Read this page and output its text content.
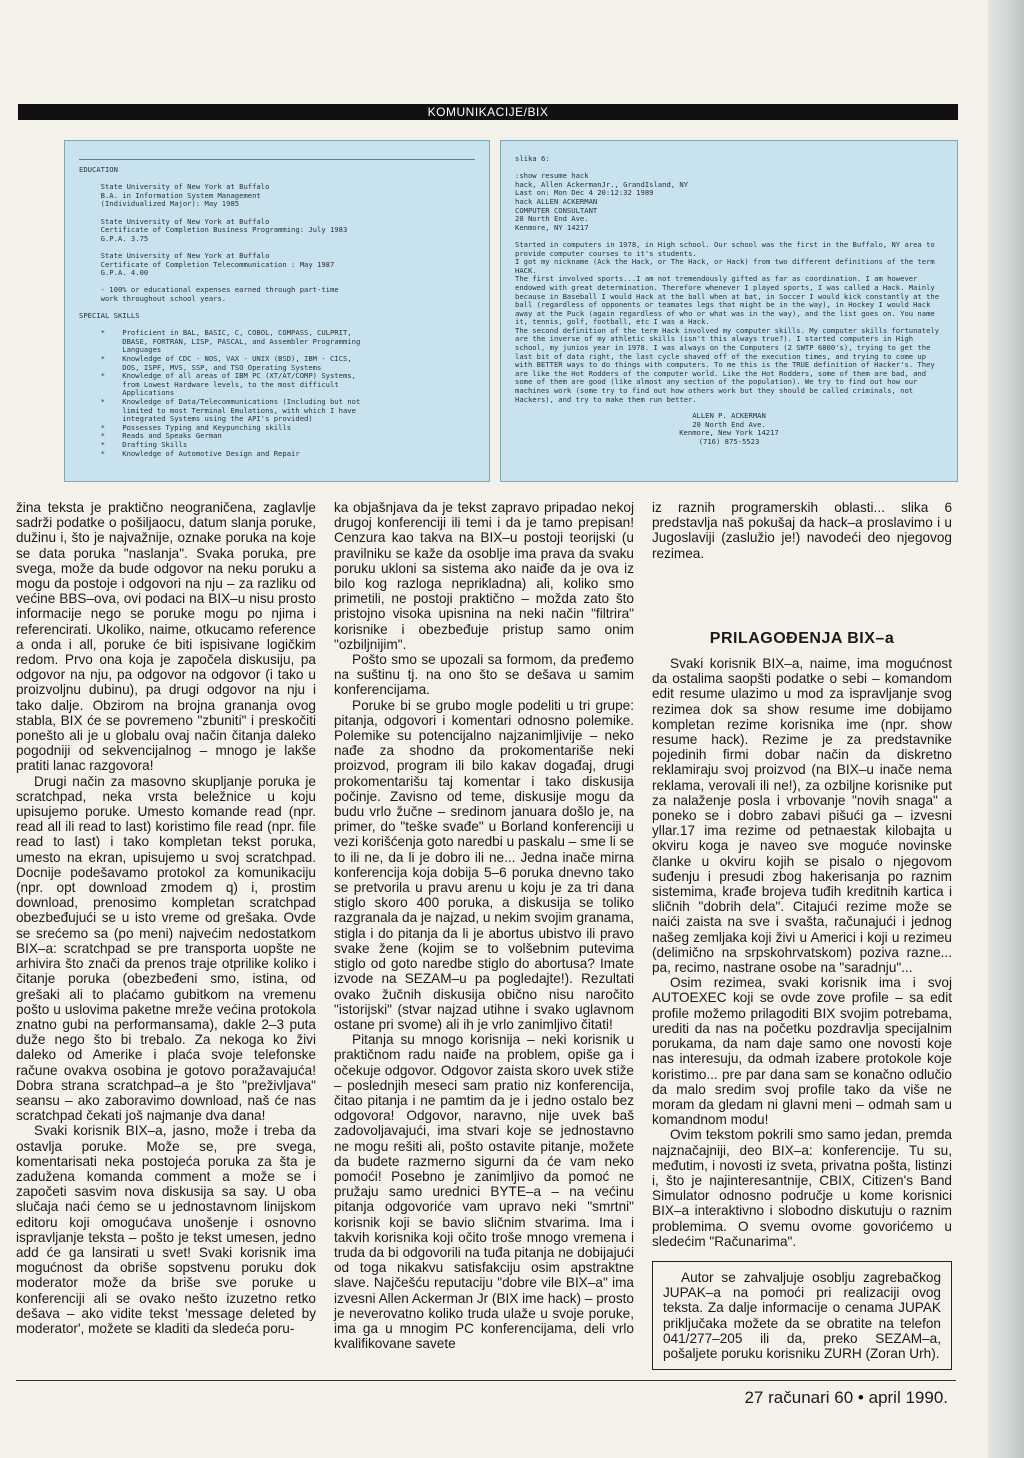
KOMUNIKACIJE/BIX
EDUCATION

State University of New York at Buffalo
B.A. in Information System Management
(Individualized Major): May 1985

State University of New York at Buffalo
Certificate of Completion Business Programming: July 1983
G.P.A. 3.75

State University of New York at Buffalo
Certificate of Completion Telecommunication : May 1987
G.P.A. 4.00

- 100% or educational expenses earned through part-time
work throughout school years.

SPECIAL SKILLS

*    Proficient in BAL, BASIC, C, COBOL, COMPASS, CULPRIT,
DBASE, FORTRAN, LISP, PASCAL, and Assembler Programming
Languages
*    Knowledge of CDC - NOS, VAX - UNIX (BSD), IBM - CICS,
DOS, ISPF, MVS, SSP, and TSO Operating Systems
*    Knowledge of all areas of IBM PC (XT/AT/COMP) Systems,
from Lowest Hardware levels, to the most difficult
Applications
*    Knowledge of Data/Telecommunications (Including but not
limited to most Terminal Emulations, with which I have
integrated Systems using the API's provided)
*    Possesses Typing and Keypunching skills
*    Reads and Speaks German
*    Drafting Skills
*    Knowledge of Automotive Design and Repair
slika 6:

:show resume hack
hack, Allen AckermanJr., GrandIsland, NY
Last on: Mon Dec 4 20:12:32 1989
hack ALLEN ACKERMAN
COMPUTER CONSULTANT
20 North End Ave.
Kenmore, NY 14217

Started in computers in 1978, in High school. Our school was the first in the Buffalo, NY area to provide computer courses to it's students.
I got my nickname (Ack the Hack, or The Hack, or Hack) from two different definitions of the term HACK.
The first involved sports...I am not tremendously gifted as far as coordination. I am however endowed with great determination. Therefore whenever I played sports, I was called a Hack. Mainly because in Baseball I would Hack at the ball when at bat, in Soccer I would kick constantly at the ball (regardless of opponents or teamates legs that might be in the way), in Hockey I would Hack away at the Puck (again regardless of who or what was in the way), and the list goes on. You name it, tennis, golf, football, etc I was a Hack.
The second definition of the term Hack involved my computer skills. My computer skills fortunately are the inverse of my athletic skills (isn't this always true?). I started computers in High school, my junios year in 1978. I was always on the Computers (2 SWTP 6800's), trying to get the last bit of data right, the last cycle shaved off of the execution times, and trying to come up with BETTER ways to do things with computers. To me this is the TRUE definition of Hacker's. They are like the Hot Rodders of the computer world. Like the Hot Rodders, some of them are bad, and some of them are good (like almost any section of the population). We try to find out how our machines work (some try to find out how others work but they should be called criminals, not Hackers), and try to make them run better.
ALLEN P. ACKERMAN
20 North End Ave.
Kenmore, New York 14217
(716) 875-5523

žina teksta je praktično neograničena, zaglavlje sadrži podatke o pošiljaocu, datum slanja poruke, dužinu i, što je najvažnije, oznake poruka na koje se data poruka "naslanja". Svaka poruka, pre svega, može da bude odgovor na neku poruku a mogu da postoje i odgovori na nju – za razliku od većine BBS–ova, ovi podaci na BIX–u nisu prosto informacije nego se poruke mogu po njima i referencirati. Ukoliko, naime, otkucamo reference a onda i all, poruke će biti ispisivane logičkim redom. Prvo ona koja je započela diskusiju, pa odgovor na nju, pa odgovor na odgovor (i tako u proizvoljnu dubinu), pa drugi odgovor na nju i tako dalje. Obzirom na brojna grananja ovog stabla, BIX će se povremeno "zbuniti" i preskočiti ponešto ali je u globalu ovaj način čitanja daleko pogodniji od sekvencijalnog – mnogo je lakše pratiti lanac razgovora!

Drugi način za masovno skupljanje poruka je scratchpad, neka vrsta beležnice u koju upisujemo poruke. Umesto komande read (npr. read all ili read to last) koristimo file read (npr. file read to last) i tako kompletan tekst poruka, umesto na ekran, upisujemo u svoj scratchpad. Docnije podešavamo protokol za komunikaciju (npr. opt download zmodem q) i, prostim download, prenosimo kompletan scratchpad obezbeđujući se u isto vreme od grešaka. Ovde se srećemo sa (po meni) najvećim nedostatkom BIX–a: scratchpad se pre transporta uopšte ne arhivira što znači da prenos traje otprilike koliko i čitanje poruka (obezbeđeni smo, istina, od grešaki ali to plaćamo gubitkom na vremenu pošto u uslovima paketne mreže većina protokola znatno gubi na performansama), dakle 2–3 puta duže nego što bi trebalo. Za nekoga ko živi daleko od Amerike i plaća svoje telefonske račune ovakva osobina je gotovo poražavajuća! Dobra strana scratchpad–a je što "preživljava" seansu – ako zaboravimo download, naš će nas scratchpad čekati još najmanje dva dana!

Svaki korisnik BIX–a, jasno, može i treba da ostavlja poruke. Može se, pre svega, komentarisati neka postojeća poruka za šta je zadužena komanda comment a može se i započeti sasvim nova diskusija sa say. U oba slučaja naći ćemo se u jednostavnom linijskom editoru koji omogućava unošenje i osnovno ispravljanje teksta – pošto je tekst umesen, jedno add će ga lansirati u svet! Svaki korisnik ima mogućnost da obriše sopstvenu poruku dok moderator može da briše sve poruke u konferenciji ali se ovako nešto izuzetno retko dešava – ako vidite tekst 'message deleted by moderator', možete se kladiti da sledeća poru-

ka objašnjava da je tekst zapravo pripadao nekoj drugoj konferenciji ili temi i da je tamo prepisan! Cenzura kao takva na BIX–u postoji teorijski (u pravilniku se kaže da osoblje ima prava da svaku poruku ukloni sa sistema ako naiđe da je ova iz bilo kog razloga neprikladna) ali, koliko smo primetili, ne postoji praktično – možda zato što pristojno visoka upisnina na neki način "filtrira" korisnike i obezbeđuje pristup samo onim "ozbiljnijim".

Pošto smo se upozali sa formom, da pređemo na suštinu tj. na ono što se dešava u samim konferencijama.

Poruke bi se grubo mogle podeliti u tri grupe: pitanja, odgovori i komentari odnosno polemike. Polemike su potencijalno najzanimljivije – neko nađe za shodno da prokomentariše neki proizvod, program ili bilo kakav događaj, drugi prokomentarišu taj komentar i tako diskusija počinje. Zavisno od teme, diskusije mogu da budu vrlo žučne – sredinom januara došlo je, na primer, do "teške svađe" u Borland konferenciji u vezi korišćenja goto naredbi u paskalu – sme li se to ili ne, da li je dobro ili ne... Jedna inače mirna konferencija koja dobija 5–6 poruka dnevno tako se pretvorila u pravu arenu u koju je za tri dana stiglo skoro 400 poruka, a diskusija se toliko razgranala da je najzad, u nekim svojim granama, stigla i do pitanja da li je abortus ubistvo ili pravo svake žene (kojim se to volšebnim putevima stiglo od goto naredbe stiglo do abortusa? Imate izvode na SEZAM–u pa pogledajte!). Rezultati ovako žučnih diskusija obično nisu naročito "istorijski" (stvar najzad utihne i svako uglavnom ostane pri svome) ali ih je vrlo zanimljivo čitati!

Pitanja su mnogo korisnija – neki korisnik u praktičnom radu naiđe na problem, opiše ga i očekuje odgovor. Odgovor zaista skoro uvek stiže – poslednjih meseci sam pratio niz konferencija, čitao pitanja i ne pamtim da je i jedno ostalo bez odgovora! Odgovor, naravno, nije uvek baš zadovoljavajući, ima stvari koje se jednostavno ne mogu rešiti ali, pošto ostavite pitanje, možete da budete razmerno sigurni da će vam neko pomoći! Posebno je zanimljivo da pomoć ne pružaju samo urednici BYTE–a – na većinu pitanja odgovoriće vam upravo neki "smrtni" korisnik koji se bavio sličnim stvarima. Ima i takvih korisnika koji očito troše mnogo vremena i truda da bi odgovorili na tuđa pitanja ne dobijajući od toga nikakvu satisfakciju osim apstraktne slave. Najčešću reputaciju "dobre vile BIX–a" ima izvesni Allen Ackerman Jr (BIX ime hack) – prosto je neverovatno koliko truda ulaže u svoje poruke, ima ga u mnogim PC konferencijama, deli vrlo kvalifikovane savete

iz raznih programerskih oblasti... slika 6 predstavlja naš pokušaj da hack–a proslavimo i u Jugoslaviji (zaslužio je!) navodeći deo njegovog rezimea.

PRILAGOĐENJA BIX–a

Svaki korisnik BIX–a, naime, ima mogućnost da ostalima saopšti podatke o sebi – komandom edit resume ulazimo u mod za ispravljanje svog rezimea dok sa show resume ime dobijamo kompletan rezime korisnika ime (npr. show resume hack). Rezime je za predstavnike pojedinih firmi dobar način da diskretno reklamiraju svoj proizvod (na BIX–u inače nema reklama, verovali ili ne!), za ozbiljne korisnike put za nalaženje posla i vrbovanje "novih snaga" a poneko se i dobro zabavi pišući ga – izvesni yllar.17 ima rezime od petnaestak kilobajta u okviru koga je naveo sve moguće novinske članke u okviru kojih se pisalo o njegovom suđenju i presudi zbog hakerisanja po raznim sistemima, krađe brojeva tuđih kreditnih kartica i sličnih "dobrih dela". Citajući rezime može se naići zaista na sve i svašta, računajući i jednog našeg zemljaka koji živi u Americi i koji u rezimeu (delimično na srpskohrvatskom) poziva razne... pa, recimo, nastrane osobe na "saradnju"...

Osim rezimea, svaki korisnik ima i svoj AUTOEXEC koji se ovde zove profile – sa edit profile možemo prilagoditi BIX svojim potrebama, urediti da nas na početku pozdravlja specijalnim porukama, da nam daje samo one novosti koje nas interesuju, da odmah izabere protokole koje koristimo... pre par dana sam se konačno odlučio da malo sredim svoj profile tako da više ne moram da gledam ni glavni meni – odmah sam u komandnom modu!

Ovim tekstom pokrili smo samo jedan, premda najznačajniji, deo BIX–a: konferencije. Tu su, međutim, i novosti iz sveta, privatna pošta, listinzi i, što je najinteresantnije, CBIX, Citizen's Band Simulator odnosno područje u kome korisnici BIX–a interaktivno i slobodno diskutuju o raznim problemima. O svemu ovome govorićemo u sledećim "Računarima".

Autor se zahvaljuje osoblju zagrebačkog JUPAK–a na pomoći pri realizaciji ovog teksta. Za dalje informacije o cenama JUPAK priključaka možete da se obratite na telefon 041/277–205 ili da, preko SEZAM–a, pošaljete poruku korisniku ZURH (Zoran Urh).

27 računari 60 • april 1990.
